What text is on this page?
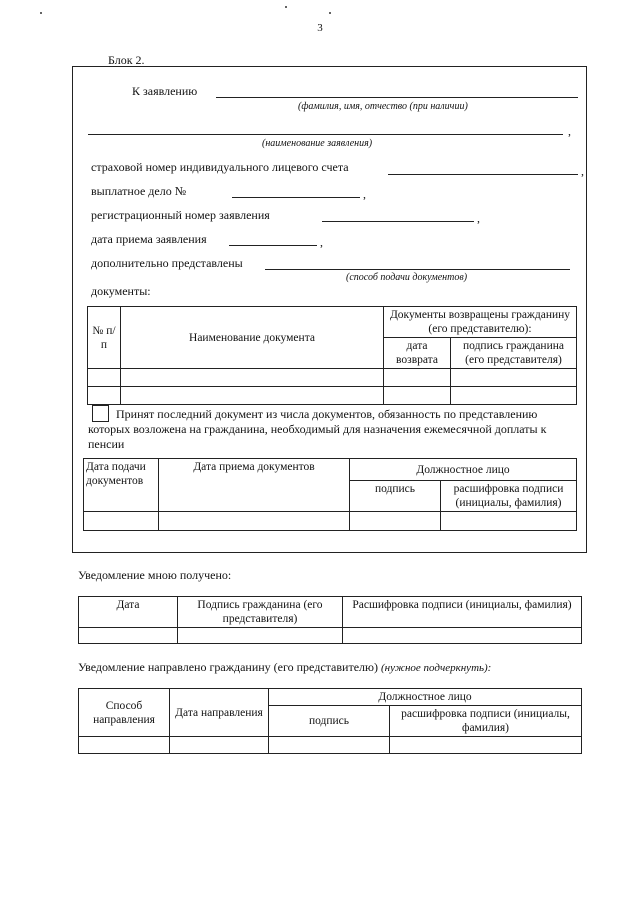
3
Блок 2.
К заявлению
(фамилия, имя, отчество (при наличии)
,
(наименование заявления)
страховой номер индивидуального лицевого счета	,
выплатное дело №	,
регистрационный номер заявления	,
дата приема заявления	,
дополнительно представлены
(способ подачи документов)
документы:
№ п/п	Наименование документа	Документы возвращены гражданину (его представителю):	
		дата возврата	подпись гражданина (его представителя)

Принят последний документ из числа документов, обязанность по представлению которых возложена на гражданина, необходимый для назначения ежемесячной доплаты к пенсии
Дата подачи документов	Дата приема документов	Должностное лицо	
		подпись	расшифровка подписи (инициалы, фамилия)

Уведомление мною получено:
Дата	Подпись гражданина (его представителя)	Расшифровка подписи (инициалы, фамилия)

Уведомление направлено гражданину (его представителю) (нужное подчеркнуть):
Способ направления	Дата направления	Должностное лицо	
		подпись	расшифровка подписи (инициалы, фамилия)
